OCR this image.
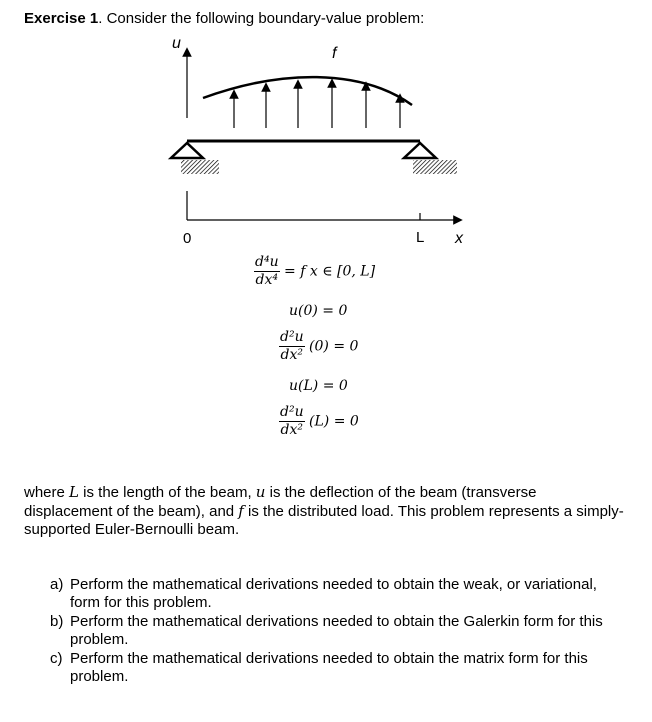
Exercise 1. Consider the following boundary-value problem:
u
f
0	L x
$\frac{\text{d⁴u}}{\text{dx⁴}} = f$ x ∈ [0, L]
u(0) = 0
$\frac{\text{d²u}}{\text{dx²}} (0) = 0$
u(L) = 0
$\frac{\text{d²u}}{\text{dx²}} (L) = 0$
where L is the length of the beam, u is the deflection of the beam (transverse displacement of the beam), and f is the distributed load. This problem represents a simply-supported Euler-Bernoulli beam.
a) Perform the mathematical derivations needed to obtain the weak, or variational, form for this problem.
b) Perform the mathematical derivations needed to obtain the Galerkin form for this problem.
c) Perform the mathematical derivations needed to obtain the matrix form for this problem.
